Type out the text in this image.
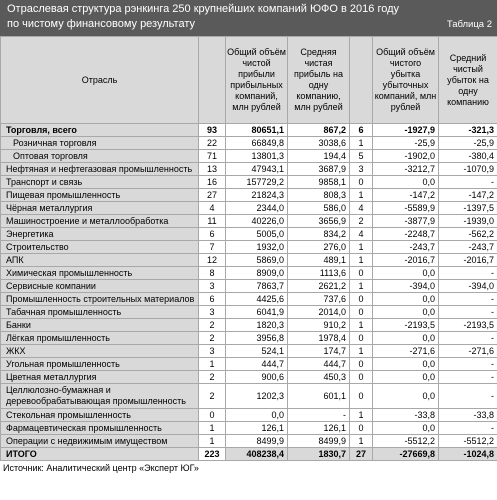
Отраслевая структура рэнкинга 250 крупнейших компаний ЮФО в 2016 году по чистому финансовому результату	Таблица 2
Отрасль		Общий объём чистой прибыли прибыльных компаний, млн рублей	Средняя чистая прибыль на одну компанию, млн рублей		Общий объём чистого убытка убыточных компаний, млн рублей	Средний чистый убыток на одну компанию
Торговля, всего	93	80651,1	867,2	6	-1927,9	-321,3
Розничная торговля	22	66849,8	3038,6	1	-25,9	-25,9
Оптовая торговля	71	13801,3	194,4	5	-1902,0	-380,4
Нефтяная и нефтегазовая промышленность	13	47943,1	3687,9	3	-3212,7	-1070,9
Транспорт и связь	16	157729,2	9858,1	0	0,0	-
Пищевая промышленность	27	21824,3	808,3	1	-147,2	-147,2
Чёрная металлургия	4	2344,0	586,0	4	-5589,9	-1397,5
Машиностроение и металлообработка	11	40226,0	3656,9	2	-3877,9	-1939,0
Энергетика	6	5005,0	834,2	4	-2248,7	-562,2
Строительство	7	1932,0	276,0	1	-243,7	-243,7
АПК	12	5869,0	489,1	1	-2016,7	-2016,7
Химическая промышленность	8	8909,0	1113,6	0	0,0	-
Сервисные компании	3	7863,7	2621,2	1	-394,0	-394,0
Промышленность строительных материалов	6	4425,6	737,6	0	0,0	-
Табачная промышленность	3	6041,9	2014,0	0	0,0	-
Банки	2	1820,3	910,2	1	-2193,5	-2193,5
Лёгкая промышленность	2	3956,8	1978,4	0	0,0	-
ЖКХ	3	524,1	174,7	1	-271,6	-271,6
Угольная промышленность	1	444,7	444,7	0	0,0	-
Цветная металлургия	2	900,6	450,3	0	0,0	-
Целлюлозно-бумажная и деревообрабатывающая промышленность	2	1202,3	601,1	0	0,0	-
Стекольная промышленность	0	0,0	-	1	-33,8	-33,8
Фармацевтическая промышленность	1	126,1	126,1	0	0,0	-
Операции с недвижимым имуществом	1	8499,9	8499,9	1	-5512,2	-5512,2
ИТОГО	223	408238,4	1830,7	27	-27669,8	-1024,8
Источник: Аналитический центр «Эксперт ЮГ»
